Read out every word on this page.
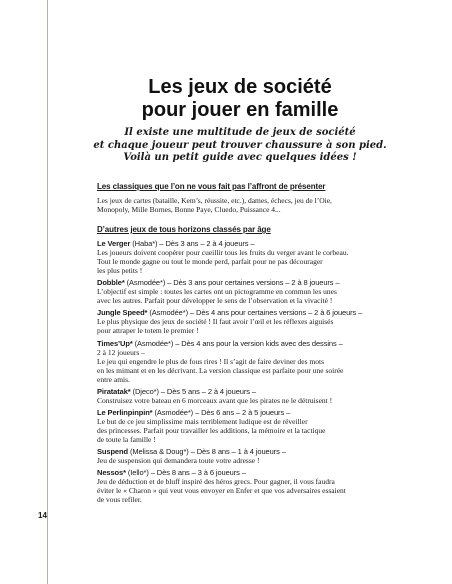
Les jeux de société
pour jouer en famille

Il existe une multitude de jeux de société
et chaque joueur peut trouver chaussure à son pied.
Voilà un petit guide avec quelques idées !

Les classiques que l’on ne vous fait pas l’affront de présenter

Les jeux de cartes (bataille, Kem’s, réussite, etc.), dames, échecs, jeu de l’Oie,
Monopoly, Mille Bornes, Bonne Paye, Cluedo, Puissance 4...

D’autres jeux de tous horizons classés par âge

Le Verger (Haba*) – Dès 3 ans – 2 à 4 joueurs –
Les joueurs doivent coopérer pour cueillir tous les fruits du verger avant le corbeau.
Tout le monde gagne ou tout le monde perd, parfait pour ne pas décourager
les plus petits !

Dobble* (Asmodée*) – Dès 3 ans pour certaines versions – 2 à 8 joueurs –
L’objectif est simple : toutes les cartes ont un pictogramme en commun les unes
avec les autres. Parfait pour développer le sens de l’observation et la vivacité !

Jungle Speed* (Asmodée*) – Dès 4 ans pour certaines versions – 2 à 6 joueurs –
Le plus physique des jeux de société ! Il faut avoir l’œil et les réflexes aiguisés
pour attraper le totem le premier !

Times’Up* (Asmodée*) – Dès 4 ans pour la version kids avec des dessins –
2 à 12 joueurs –
Le jeu qui engendre le plus de fous rires ! Il s’agit de faire deviner des mots
en les mimant et en les décrivant. La version classique est parfaite pour une soirée
entre amis.

Piratatak* (Djeco*) – Dès 5 ans – 2 à 4 joueurs –
Construisez votre bateau en 6 morceaux avant que les pirates ne le détruisent !

Le Perlinpinpin* (Asmodée*) – Dès 6 ans – 2 à 5 joueurs –
Le but de ce jeu simplissime mais terriblement ludique est de réveiller
des princesses. Parfait pour travailler les additions, la mémoire et la tactique
de toute la famille !

Suspend (Melissa & Doug*) – Dès 8 ans – 1 à 4 joueurs –
Jeu de suspension qui demandera toute votre adresse !

Nessos* (Iello*) – Dès 8 ans – 3 à 6 joueurs –
Jeu de déduction et de bluff inspiré des héros grecs. Pour gagner, il vous faudra
éviter le « Charon » qui veut vous envoyer en Enfer et que vos adversaires essaient
de vous refiler.

14
